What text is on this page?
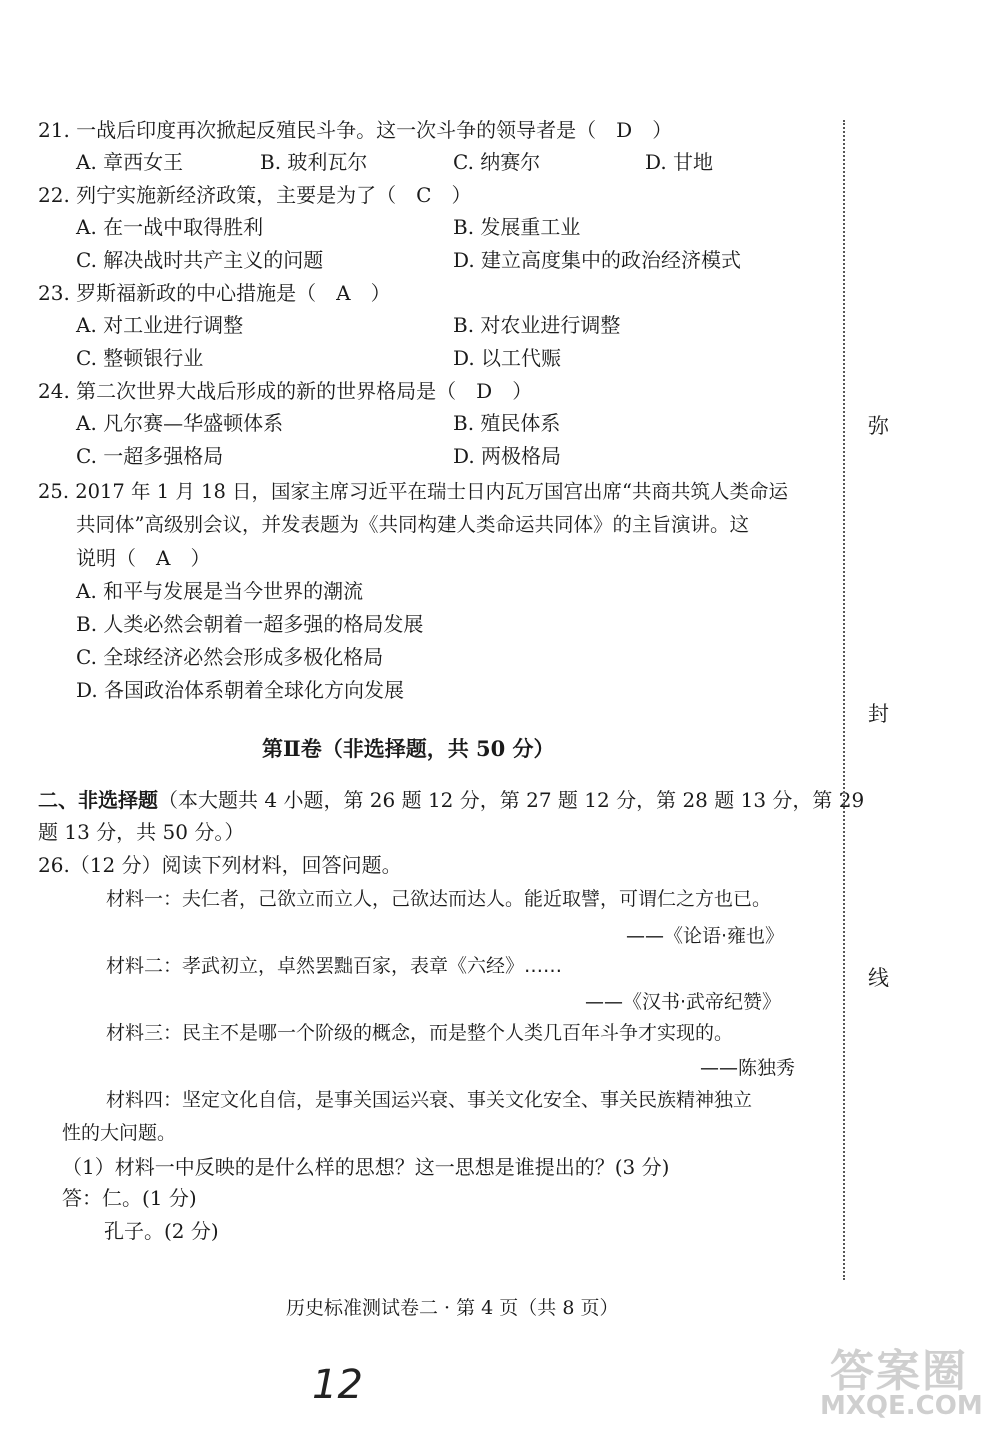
21. 一战后印度再次掀起反殖民斗争。这一次斗争的领导者是（　D　）
A. 章西女王	B. 玻利瓦尔	C. 纳赛尔	D. 甘地
22. 列宁实施新经济政策，主要是为了（　C　）
A. 在一战中取得胜利	B. 发展重工业
C. 解决战时共产主义的问题	D. 建立高度集中的政治经济模式
23. 罗斯福新政的中心措施是（　A　）
A. 对工业进行调整	B. 对农业进行调整
C. 整顿银行业	D. 以工代赈
24. 第二次世界大战后形成的新的世界格局是（　D　）
A. 凡尔赛—华盛顿体系	B. 殖民体系
C. 一超多强格局	D. 两极格局
25. 2017 年 1 月 18 日，国家主席习近平在瑞士日内瓦万国宫出席“共商共筑人类命运
共同体”高级别会议，并发表题为《共同构建人类命运共同体》的主旨演讲。这
说明（　A　）
A. 和平与发展是当今世界的潮流
B. 人类必然会朝着一超多强的格局发展
C. 全球经济必然会形成多极化格局
D. 各国政治体系朝着全球化方向发展
第Ⅱ卷（非选择题，共 50 分）
二、非选择题（本大题共 4 小题，第 26 题 12 分，第 27 题 12 分，第 28 题 13 分，第 29
题 13 分，共 50 分。）
26.（12 分）阅读下列材料，回答问题。
材料一：夫仁者，己欲立而立人，己欲达而达人。能近取譬，可谓仁之方也已。
——《论语·雍也》
材料二：孝武初立，卓然罢黜百家，表章《六经》……
——《汉书·武帝纪赞》
材料三：民主不是哪一个阶级的概念，而是整个人类几百年斗争才实现的。
——陈独秀
材料四：坚定文化自信，是事关国运兴衰、事关文化安全、事关民族精神独立
性的大问题。
（1）材料一中反映的是什么样的思想？这一思想是谁提出的？(3 分)
答：仁。(1 分)
孔子。(2 分)
弥
封
线
历史标准测试卷二 · 第 4 页（共 8 页）
12	答案圈
MXQE.COM
